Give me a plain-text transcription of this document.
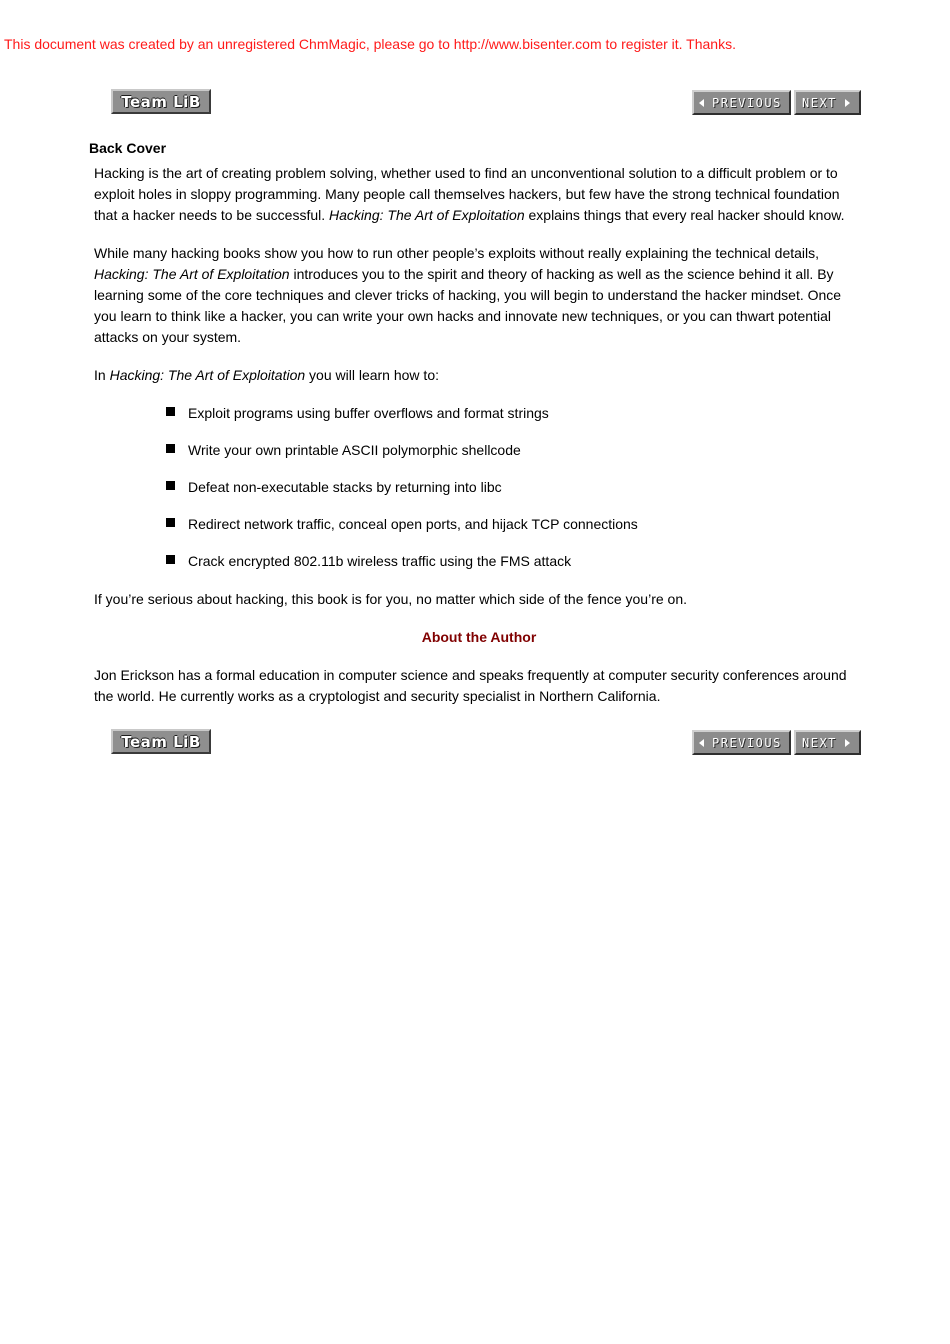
This document was created by an unregistered ChmMagic, please go to http://www.bisenter.com to register it. Thanks.
Team LiB	PREVIOUS NEXT
Back Cover

Hacking is the art of creating problem solving, whether used to find an unconventional solution to a difficult problem or to exploit holes in sloppy programming. Many people call themselves hackers, but few have the strong technical foundation that a hacker needs to be successful. Hacking: The Art of Exploitation explains things that every real hacker should know.

While many hacking books show you how to run other people’s exploits without really explaining the technical details, Hacking: The Art of Exploitation introduces you to the spirit and theory of hacking as well as the science behind it all. By learning some of the core techniques and clever tricks of hacking, you will begin to understand the hacker mindset. Once you learn to think like a hacker, you can write your own hacks and innovate new techniques, or you can thwart potential attacks on your system.

In Hacking: The Art of Exploitation you will learn how to:

Exploit programs using buffer overflows and format strings
Write your own printable ASCII polymorphic shellcode
Defeat non-executable stacks by returning into libc
Redirect network traffic, conceal open ports, and hijack TCP connections
Crack encrypted 802.11b wireless traffic using the FMS attack

If you’re serious about hacking, this book is for you, no matter which side of the fence you’re on.

About the Author

Jon Erickson has a formal education in computer science and speaks frequently at computer security conferences around the world. He currently works as a cryptologist and security specialist in Northern California.

Team LiB	PREVIOUS NEXT
